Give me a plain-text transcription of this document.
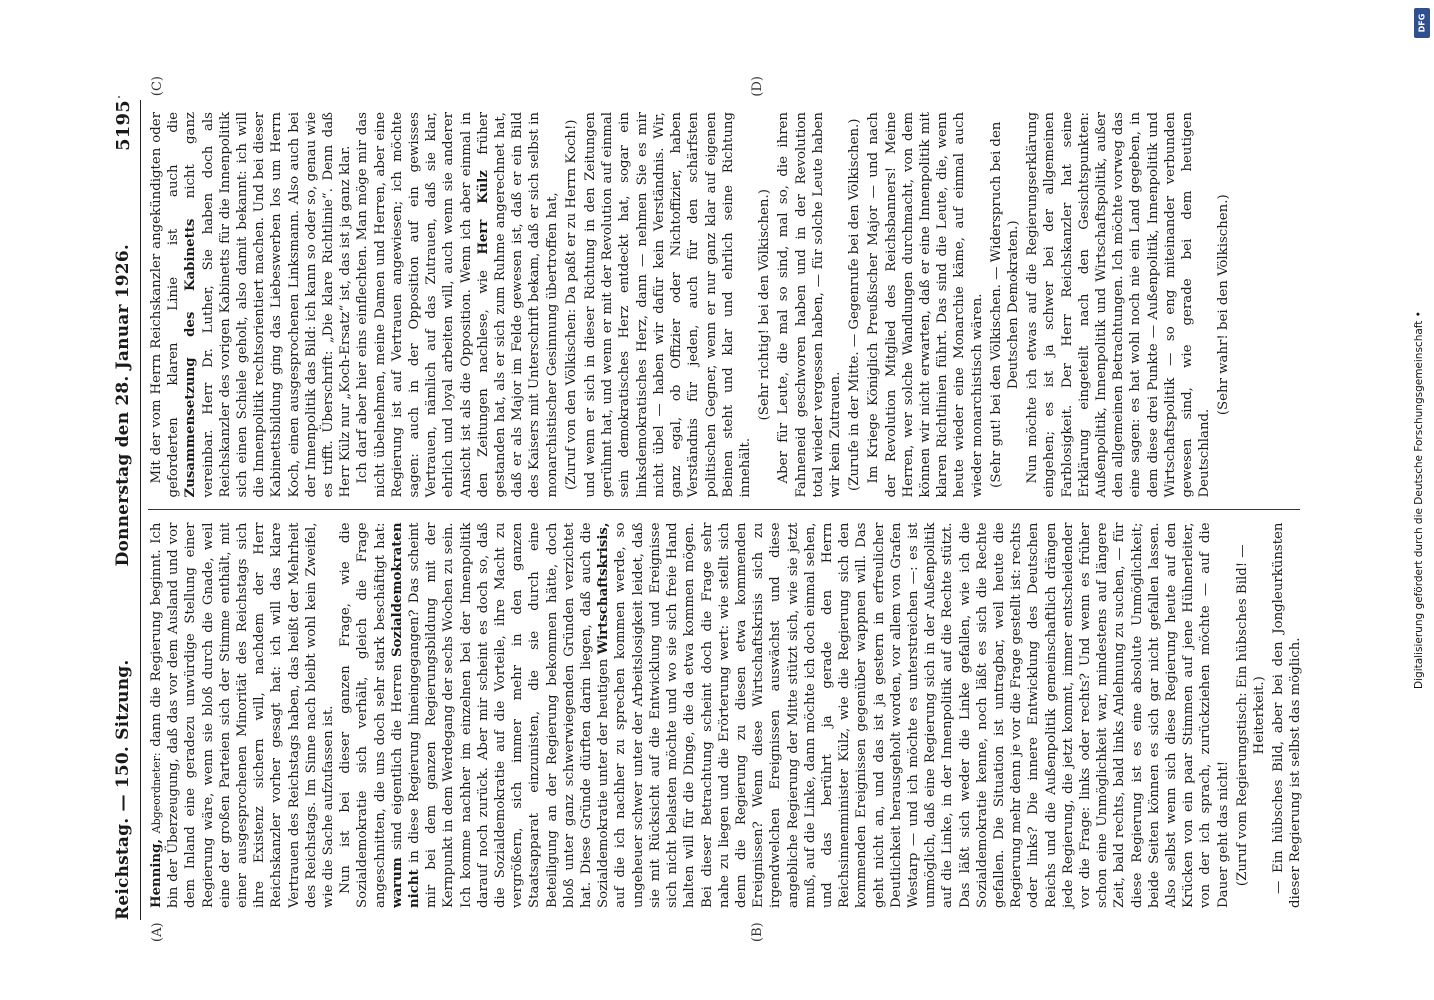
Reichstag. — 150. Sitzung.
Donnerstag den 28. Januar 1926.
5195

Henning, Abgeordneter: dann die Regierung beginnt. Ich bin der Überzeugung, daß das vor dem Ausland und vor dem Inland eine geradezu unwürdige Stellung einer Regierung wäre, wenn sie bloß durch die Gnade, weil eine der großen Parteien sich der Stimme enthält, mit einer ausgesprochenen Minorität des Reichstags sich ihre Existenz sichern will, nachdem der Herr Reichskanzler vorher gesagt hat: ich will das klare Vertrauen des Reichstags haben, das heißt der Mehrheit des Reichstags. Im Sinne nach bleibt wohl kein Zweifel, wie die Sache aufzufassen ist. Nun ist bei dieser ganzen Frage, wie die Sozialdemokratie sich verhält, gleich die Frage angeschnitten, die uns doch sehr stark beschäftigt hat: warum sind eigentlich die Herren Sozialdemokraten nicht in diese Regierung hineingegangen? Das scheint mir bei dem ganzen Regierungsbildung mit der Kernpunkt in dem Werdegang der sechs Wochen zu sein. Ich komme nachher im einzelnen bei der Innenpolitik darauf noch zurück. Aber mir scheint es doch so, daß die Sozialdemokratie auf die Vorteile, ihre Macht zu vergrößern, sich immer mehr in den ganzen Staatsapparat einzunisten, die sie durch eine Beteiligung an der Regierung bekommen hätte, doch bloß unter ganz schwerwiegenden Gründen verzichtet hat. Diese Gründe dürften darin liegen, daß auch die Sozialdemokratie unter der heutigen Wirtschaftskrisis, auf die ich nachher zu sprechen kommen werde, so ungeheuer schwer unter der Arbeitslosigkeit leidet, daß sie mit Rücksicht auf die Entwicklung und Ereignisse sich nicht belasten möchte und wo sie sich freie Hand halten will für die Dinge, die da etwa kommen mögen. Bei dieser Betrachtung scheint doch die Frage sehr nahe zu liegen und die Erörterung wert: wie stellt sich denn die Regierung zu diesen etwa kommenden Ereignissen? Wenn diese Wirtschaftskrisis sich zu irgendwelchen Ereignissen auswächst und diese angebliche Regierung der Mitte stützt sich, wie sie jetzt muß, auf die Linke, dann möchte ich doch einmal sehen, und das berührt ja gerade den Herrn Reichsinnenminister Külz, wie die Regierung sich den kommenden Ereignissen gegenüber wappnen will. Das geht nicht an, und das ist ja gestern in erfreulicher Deutlichkeit herausgeholt worden, vor allem von Grafen Westarp — und ich möchte es unterstreichen —: es ist unmöglich, daß eine Regierung sich in der Außenpolitik auf die Linke, in der Innenpolitik auf die Rechte stützt. Das läßt sich weder die Linke gefallen, wie ich die Sozialdemokratie kenne, noch läßt es sich die Rechte gefallen. Die Situation ist untragbar, weil heute die Regierung mehr denn je vor die Frage gestellt ist: rechts oder links? Die innere Entwicklung des Deutschen Reichs und die Außenpolitik gemeinschaftlich drängen jede Regierung, die jetzt kommt, immer entscheidender vor die Frage: links oder rechts? Und wenn es früher schon eine Unmöglichkeit war, mindestens auf längere Zeit, bald rechts, bald links Anlehnung zu suchen, — für diese Regierung ist es eine absolute Unmöglichkeit; beide Seiten können es sich gar nicht gefallen lassen. Also selbst wenn sich diese Regierung heute auf den Krücken von ein paar Stimmen auf jene Hühnerleiter, von der ich sprach, zurückziehen möchte — auf die Dauer geht das nicht! (Zuruf vom Regierungstisch: Ein hübsches Bild! — Heiterkeit.) — Ein hübsches Bild, aber bei den Jongleurkünsten dieser Regierung ist selbst das möglich.

Mit der vom Herrn Reichskanzler angekündigten oder geforderten klaren Linie ist auch die Zusammensetzung des Kabinetts nicht ganz vereinbar. Herr Dr. Luther, Sie haben doch als Reichskanzler des vorigen Kabinetts für die Innenpolitik sich einen Schiele geholt, also damit bekannt: ich will die Innenpolitik rechtsorientiert machen. Und bei dieser Kabinettsbildung ging das Liebeswerben los um Herrn Koch, einen ausgesprochenen Linksmann. Also auch bei der Innenpolitik das Bild: ich kann so oder so, genau wie es trifft. Überschrift: „Die klare Richtlinie“. Denn daß Herr Külz nur „Koch-Ersatz“ ist, das ist ja ganz klar. Ich darf aber hier eins einflechten. Man möge mir das nicht übelnehmen, meine Damen und Herren, aber eine Regierung ist auf Vertrauen angewiesen; ich möchte sagen: auch in der Opposition auf ein gewisses Vertrauen, nämlich auf das Zutrauen, daß sie klar, ehrlich und loyal arbeiten will, auch wenn sie anderer Ansicht ist als die Opposition. Wenn ich aber einmal in den Zeitungen nachlese, wie Herr Külz früher gestanden hat, als er sich zum Ruhme angerechnet hat, daß er als Major im Felde gewesen ist, daß er ein Bild des Kaisers mit Unterschrift bekam, daß er sich selbst in monarchistischer Gesinnung übertroffen hat, (Zuruf von den Völkischen: Da paßt er zu Herrn Koch!) und wenn er sich in dieser Richtung in den Zeitungen gerühmt hat, und wenn er mit der Revolution auf einmal sein demokratisches Herz entdeckt hat, sogar ein linksdemokratisches Herz, dann — nehmen Sie es mir nicht übel — haben wir dafür kein Verständnis. Wir, ganz egal, ob Offizier oder Nichtoffizier, haben Verständnis für jeden, auch für den schärfsten politischen Gegner, wenn er nur ganz klar auf eigenen Beinen steht und klar und ehrlich seine Richtung innehält.

(Sehr richtig! bei den Völkischen.) Aber für Leute, die mal so sind, mal so, die ihren Fahneneid geschworen haben und in der Revolution total wieder vergessen haben, — für solche Leute haben wir kein Zutrauen. (Zurufe in der Mitte. — Gegenrufe bei den Völkischen.) Im Kriege Königlich Preußischer Major — und nach der Revolution Mitglied des Reichsbanners! Meine Herren, wer solche Wandlungen durchmacht, von dem können wir nicht erwarten, daß er eine Innenpolitik mit klaren Richtlinien führt. Das sind die Leute, die, wenn heute wieder eine Monarchie käme, auf einmal auch wieder monarchistisch wären. (Sehr gut! bei den Völkischen. — Widerspruch bei den Deutschen Demokraten.) Nun möchte ich etwas auf die Regierungserklärung eingehen; es ist ja schwer bei der allgemeinen Farblosigkeit. Der Herr Reichskanzler hat seine Erklärung eingeteilt nach den Gesichtspunkten: Außenpolitik, Innenpolitik und Wirtschaftspolitik, außer den allgemeinen Betrachtungen. Ich möchte vorweg das eine sagen: es hat wohl noch nie ein Land gegeben, in dem diese drei Punkte — Außenpolitik, Innenpolitik und Wirtschaftspolitik — so eng miteinander verbunden gewesen sind, wie gerade bei dem heutigen Deutschland.

(Sehr wahr! bei den Völkischen.)

(A)	(B)
(C)	(D)
DFG
Digitalisierung gefördert durch die Deutsche Forschungsgemeinschaft •
